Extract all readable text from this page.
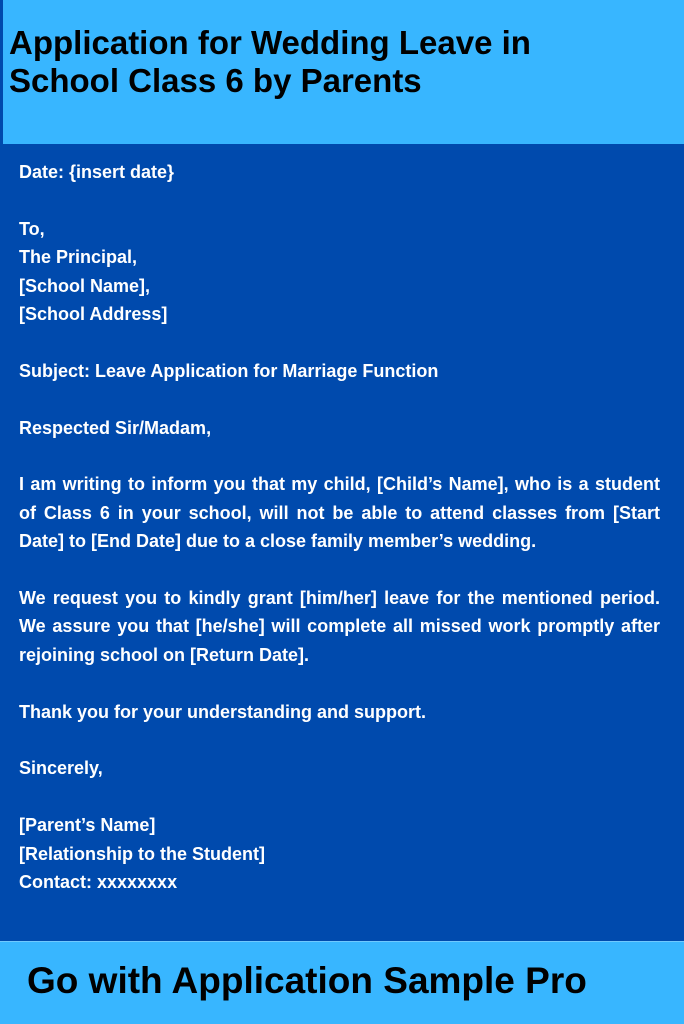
Application for Wedding Leave in
School Class 6 by Parents
Date: {insert date}
To,
The Principal,
[School Name],
[School Address]
Subject: Leave Application for Marriage Function
Respected Sir/Madam,
I am writing to inform you that my child, [Child’s Name], who is a student of Class 6 in your school, will not be able to attend classes from [Start Date] to [End Date] due to a close family member’s wedding.
We request you to kindly grant [him/her] leave for the mentioned period. We assure you that [he/she] will complete all missed work promptly after rejoining school on [Return Date].
Thank you for your understanding and support.
Sincerely,
[Parent’s Name]
[Relationship to the Student]
Contact: xxxxxxxx

Go with Application Sample Pro
